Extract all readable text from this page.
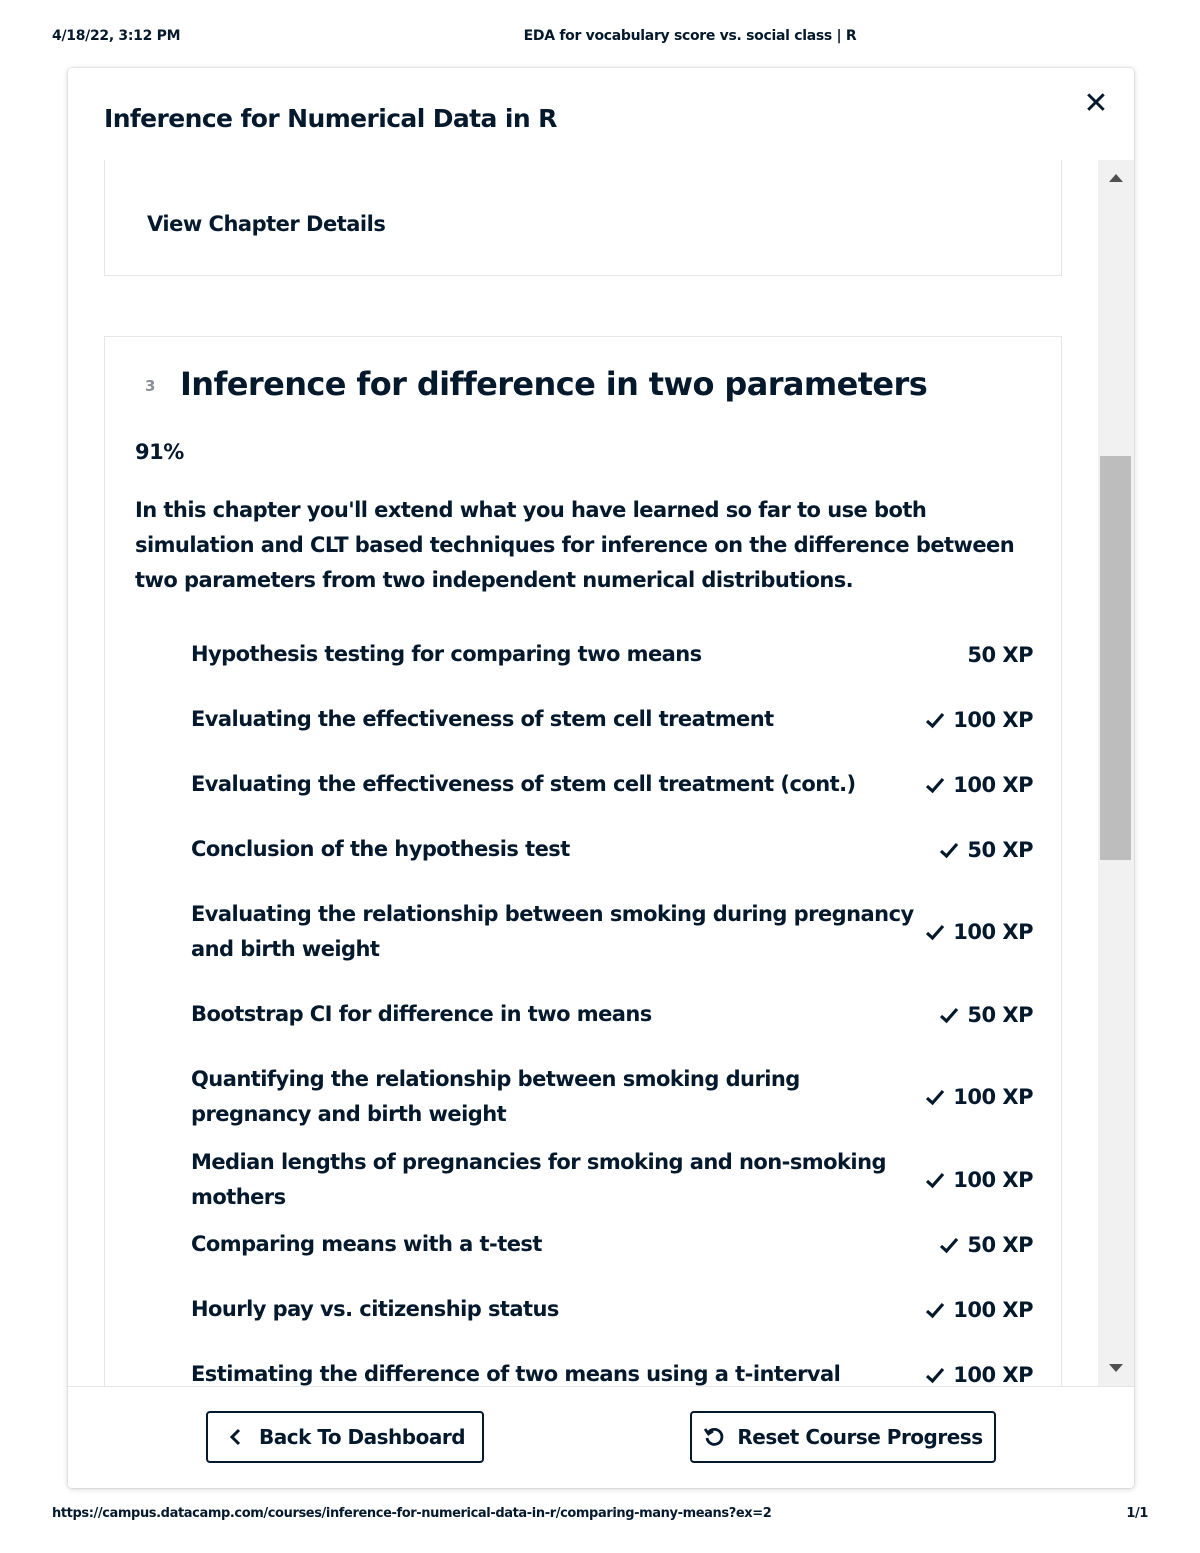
4/18/22, 3:12 PM	EDA for vocabulary score vs. social class | R
Inference for Numerical Data in R	✕
View Chapter Details
3 Inference for difference in two parameters
91%

In this chapter you'll extend what you have learned so far to use both simulation and CLT based techniques for inference on the difference between two parameters from two independent numerical distributions.

Hypothesis testing for comparing two means	50 XP
Evaluating the effectiveness of stem cell treatment	100 XP
Evaluating the effectiveness of stem cell treatment (cont.)	100 XP
Conclusion of the hypothesis test	50 XP
Evaluating the relationship between smoking during pregnancy and birth weight
100 XP
Bootstrap CI for difference in two means	50 XP
Quantifying the relationship between smoking during pregnancy and birth weight
100 XP
Median lengths of pregnancies for smoking and non-smoking mothers
100 XP
Comparing means with a t-test	50 XP
Hourly pay vs. citizenship status	100 XP
Estimating the difference of two means using a t-interval	100 XP
Back To Dashboard	Reset Course Progress
https://campus.datacamp.com/courses/inference-for-numerical-data-in-r/comparing-many-means?ex=2	1/1
